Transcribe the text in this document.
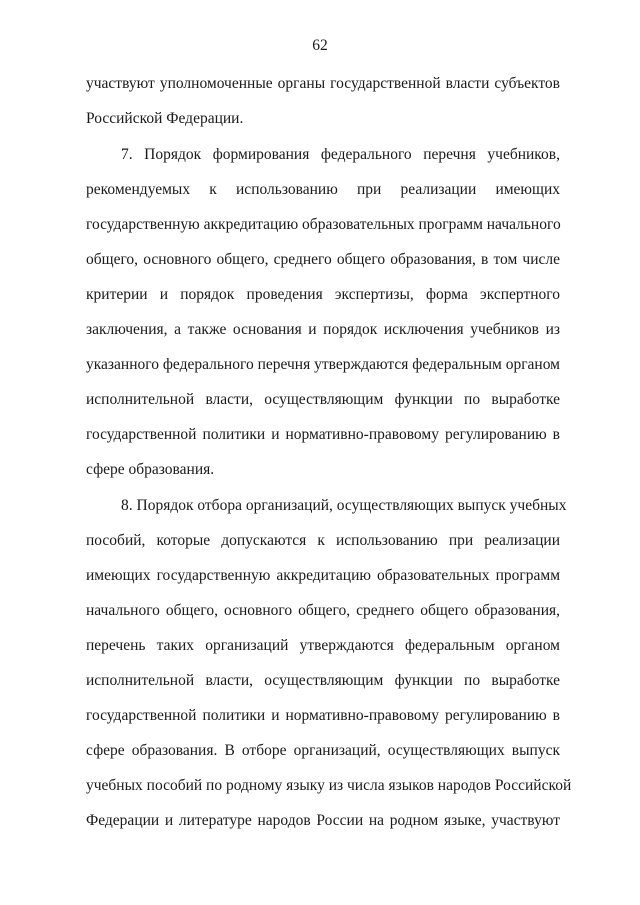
62
участвуют уполномоченные органы государственной власти субъектов
Российской Федерации.
7. Порядок формирования федерального перечня учебников,
рекомендуемых к использованию при реализации имеющих
государственную аккредитацию образовательных программ начального
общего, основного общего, среднего общего образования, в том числе
критерии и порядок проведения экспертизы, форма экспертного
заключения, а также основания и порядок исключения учебников из
указанного федерального перечня утверждаются федеральным органом
исполнительной власти, осуществляющим функции по выработке
государственной политики и нормативно-правовому регулированию в
сфере образования.
8. Порядок отбора организаций, осуществляющих выпуск учебных
пособий, которые допускаются к использованию при реализации
имеющих государственную аккредитацию образовательных программ
начального общего, основного общего, среднего общего образования,
перечень таких организаций утверждаются федеральным органом
исполнительной власти, осуществляющим функции по выработке
государственной политики и нормативно-правовому регулированию в
сфере образования. В отборе организаций, осуществляющих выпуск
учебных пособий по родному языку из числа языков народов Российской
Федерации и литературе народов России на родном языке, участвуют
